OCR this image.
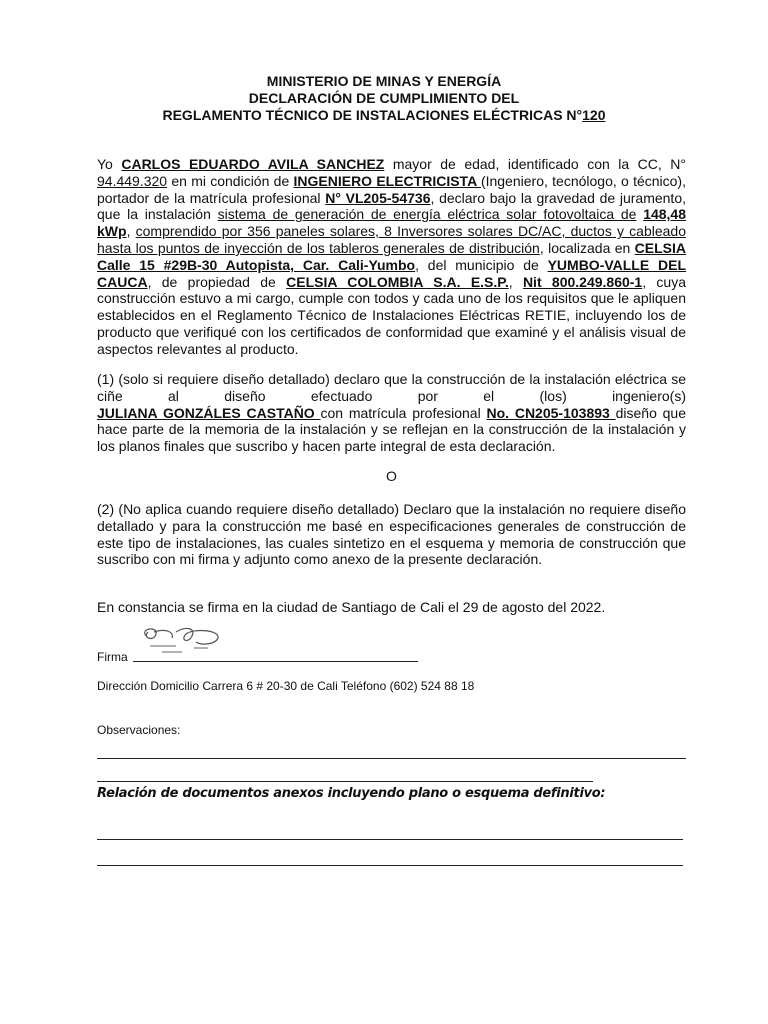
MINISTERIO DE MINAS Y ENERGÍA
DECLARACIÓN DE CUMPLIMIENTO DEL
REGLAMENTO TÉCNICO DE INSTALACIONES ELÉCTRICAS N°120
Yo CARLOS EDUARDO AVILA SANCHEZ mayor de edad, identificado con la CC, N° 94.449.320 en mi condición de INGENIERO ELECTRICISTA (Ingeniero, tecnólogo, o técnico), portador de la matrícula profesional N° VL205-54736, declaro bajo la gravedad de juramento, que la instalación sistema de generación de energía eléctrica solar fotovoltaica de 148,48 kWp, comprendido por 356 paneles solares, 8 Inversores solares DC/AC, ductos y cableado hasta los puntos de inyección de los tableros generales de distribución, localizada en CELSIA Calle 15 #29B-30 Autopista, Car. Cali-Yumbo, del municipio de YUMBO-VALLE DEL CAUCA, de propiedad de CELSIA COLOMBIA S.A. E.S.P., Nit 800.249.860-1, cuya construcción estuvo a mi cargo, cumple con todos y cada uno de los requisitos que le apliquen establecidos en el Reglamento Técnico de Instalaciones Eléctricas RETIE, incluyendo los de producto que verifiqué con los certificados de conformidad que examiné y el análisis visual de aspectos relevantes al producto.
(1) (solo si requiere diseño detallado) declaro que la construcción de la instalación eléctrica se
ciñe al diseño efectuado por el (los) ingeniero(s)
JULIANA GONZÁLES CASTAÑO con matrícula profesional No. CN205-103893 diseño que hace parte de la memoria de la instalación y se reflejan en la construcción de la instalación y los planos finales que suscribo y hacen parte integral de esta declaración.
O
(2) (No aplica cuando requiere diseño detallado) Declaro que la instalación no requiere diseño detallado y para la construcción me basé en especificaciones generales de construcción de este tipo de instalaciones, las cuales sintetizo en el esquema y memoria de construcción que suscribo con mi firma y adjunto como anexo de la presente declaración.
En constancia se firma en la ciudad de Santiago de Cali el 29 de agosto del 2022.
Firma
Dirección Domicilio Carrera 6 # 20-30 de Cali Teléfono (602) 524 88 18
Observaciones:
Relación de documentos anexos incluyendo plano o esquema definitivo:
